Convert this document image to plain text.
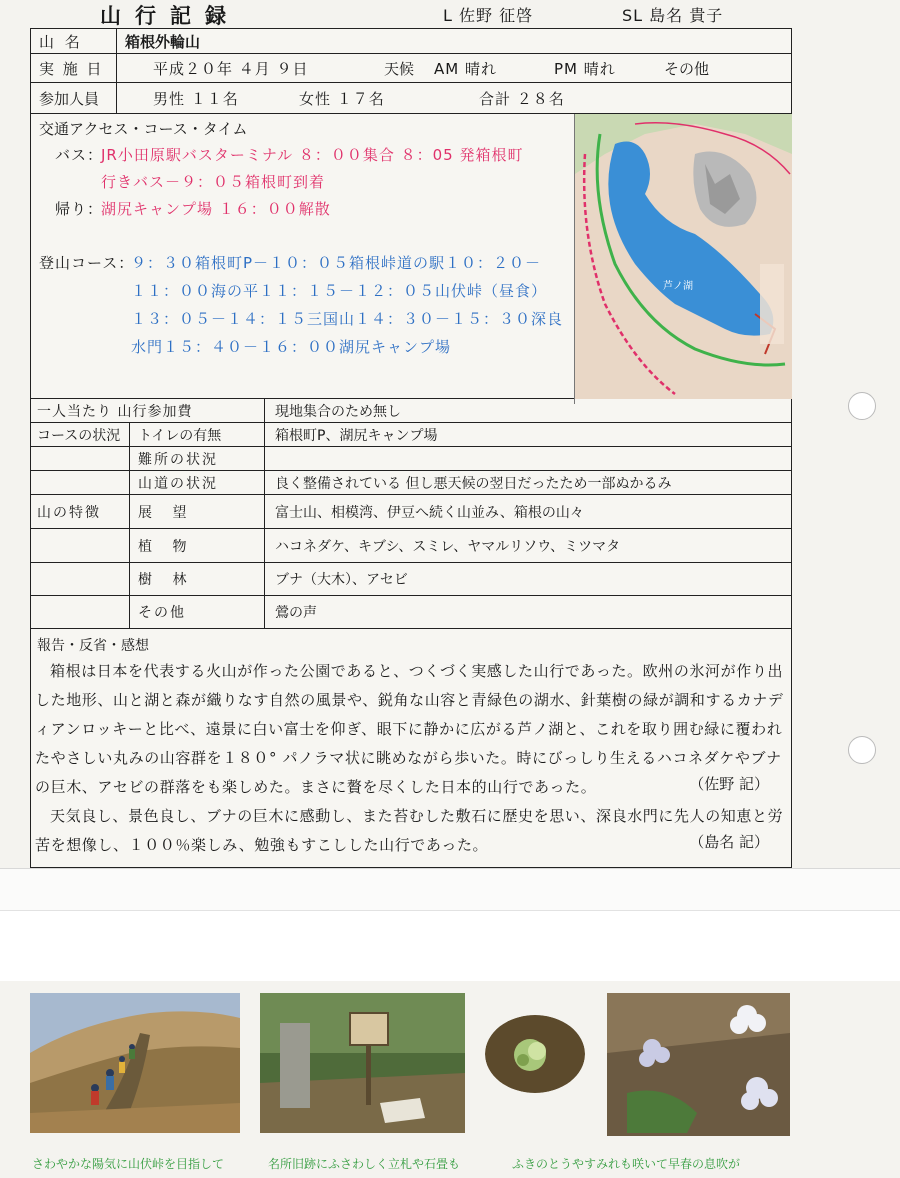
山行記録	L 佐野 征啓	SL 島名 貴子
山 名	箱根外輪山
実 施 日	平成２０年 ４月 ９日	天候	AM 晴れ	PM 晴れ	その他
参加人員	男性 １１名	女性 １７名	合計 ２８名
交通アクセス・コース・タイム
バス：
JR小田原駅バスターミナル ８：００集合 ８：05 発箱根町
行きバス－９：０５箱根町到着
帰り：
湖尻キャンプ場 １６：００解散
登山コース：
９：３０箱根町P－１０：０５箱根峠道の駅１０：２０－
１１：００海の平１１：１５－１２：０５山伏峠（昼食）
１３：０５－１４：１５三国山１４：３０－１５：３０深良
水門１５：４０－１６：００湖尻キャンプ場
芦ノ湖
一人当たり 山行参加費	現地集合のため無し
コースの状況	トイレの有無	箱根町P、湖尻キャンプ場
難所の状況
山道の状況	良く整備されている 但し悪天候の翌日だったため一部ぬかるみ
山の特徴	展 望	富士山、相模湾、伊豆へ続く山並み、箱根の山々
植 物	ハコネダケ、キブシ、スミレ、ヤマルリソウ、ミツマタ
樹 林	ブナ（大木）、アセビ
その他	鶯の声
報告・反省・感想
箱根は日本を代表する火山が作った公園であると、つくづく実感した山行であった。欧州の氷河が作り出した地形、山と湖と森が織りなす自然の風景や、鋭角な山容と青緑色の湖水、針葉樹の緑が調和するカナディアンロッキーと比べ、遠景に白い富士を仰ぎ、眼下に静かに広がる芦ノ湖と、これを取り囲む緑に覆われたやさしい丸みの山容群を１８０° パノラマ状に眺めながら歩いた。時にびっしり生えるハコネダケやブナの巨木、アセビの群落をも楽しめた。まさに贅を尽くした日本的山行であった。	（佐野 記）
天気良し、景色良し、ブナの巨木に感動し、また苔むした敷石に歴史を思い、深良水門に先人の知恵と労苦を想像し、１００％楽しみ、勉強もすこしした山行であった。	（島名 記）
さわやかな陽気に山伏峠を目指して	名所旧跡にふさわしく立札や石畳も	ふきのとうやすみれも咲いて早春の息吹が
